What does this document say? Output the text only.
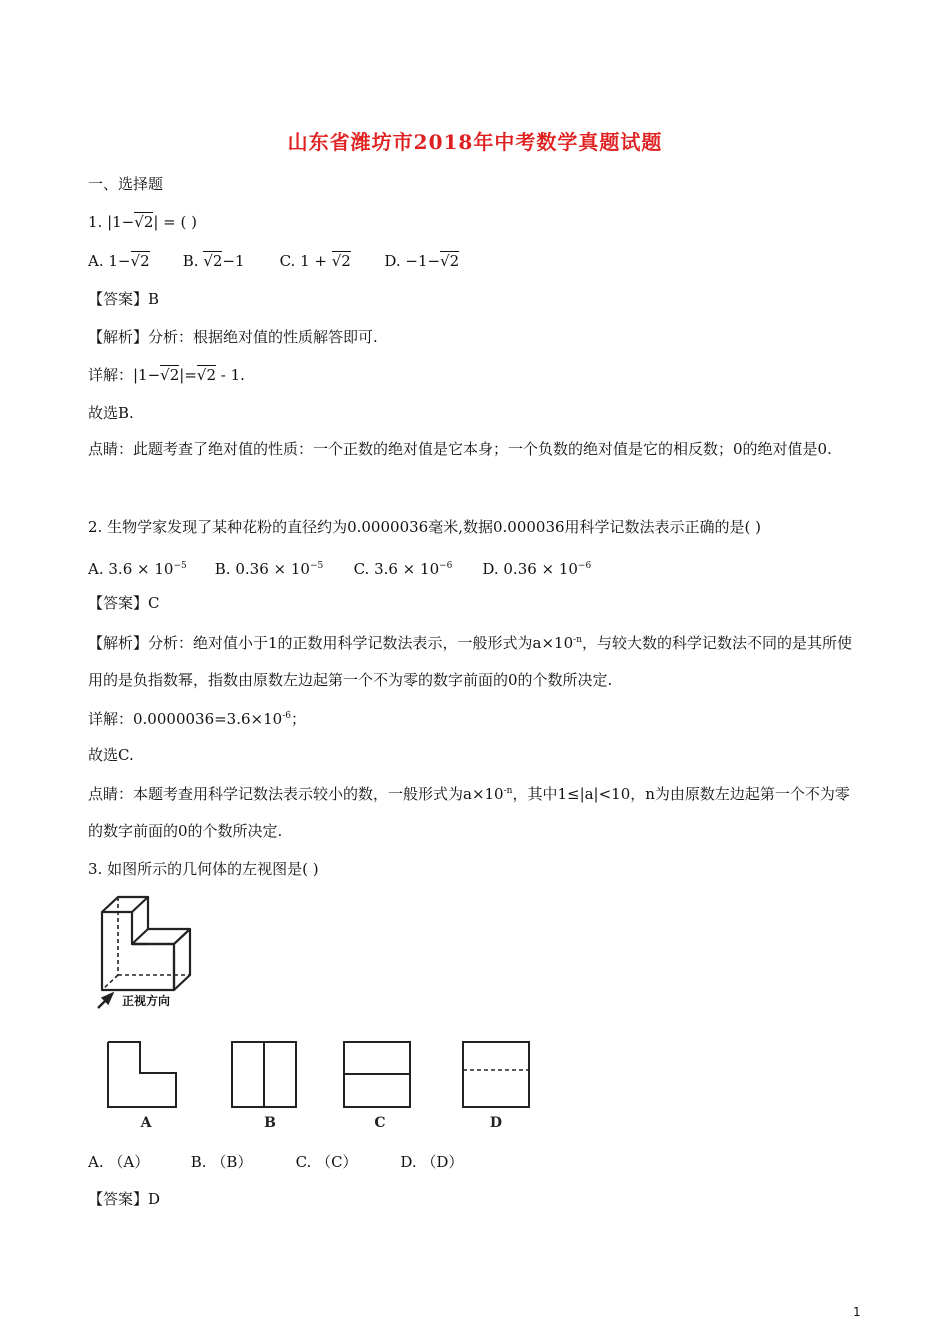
山东省潍坊市2018年中考数学真题试题
一、选择题
1. |1−√2| = ( )
A. 1−√2 B. √2−1 C. 1 + √2 D. −1−√2
【答案】B
【解析】分析：根据绝对值的性质解答即可.
详解：|1−√2|=√2 - 1.
故选B.
点睛：此题考查了绝对值的性质：一个正数的绝对值是它本身；一个负数的绝对值是它的相反数；0的绝对值是0.
2. 生物学家发现了某种花粉的直径约为0.0000036毫米,数据0.000036用科学记数法表示正确的是( )
A. $3.6 \times 10^{-5}$ B. $0.36 \times 10^{-5}$ C. $3.6 \times 10^{-6}$ D. $0.36 \times 10^{-6}$
【答案】C
【解析】分析：绝对值小于1的正数用科学记数法表示，一般形式为$a\times 10^{-n}$，与较大数的科学记数法不同的是其所使用的是负指数幂，指数由原数左边起第一个不为零的数字前面的0的个数所决定.
详解：$0.0000036=3.6\times 10^{-6}$；
故选C.
点睛：本题考查用科学记数法表示较小的数，一般形式为$a\times 10^{-n}$，其中1≤|a|<10，n为由原数左边起第一个不为零的数字前面的0的个数所决定.
3. 如图所示的几何体的左视图是( )
正视方向
A	B	C	D
A. （A）	B. （B）	C. （C）	D. （D）
【答案】D
1
